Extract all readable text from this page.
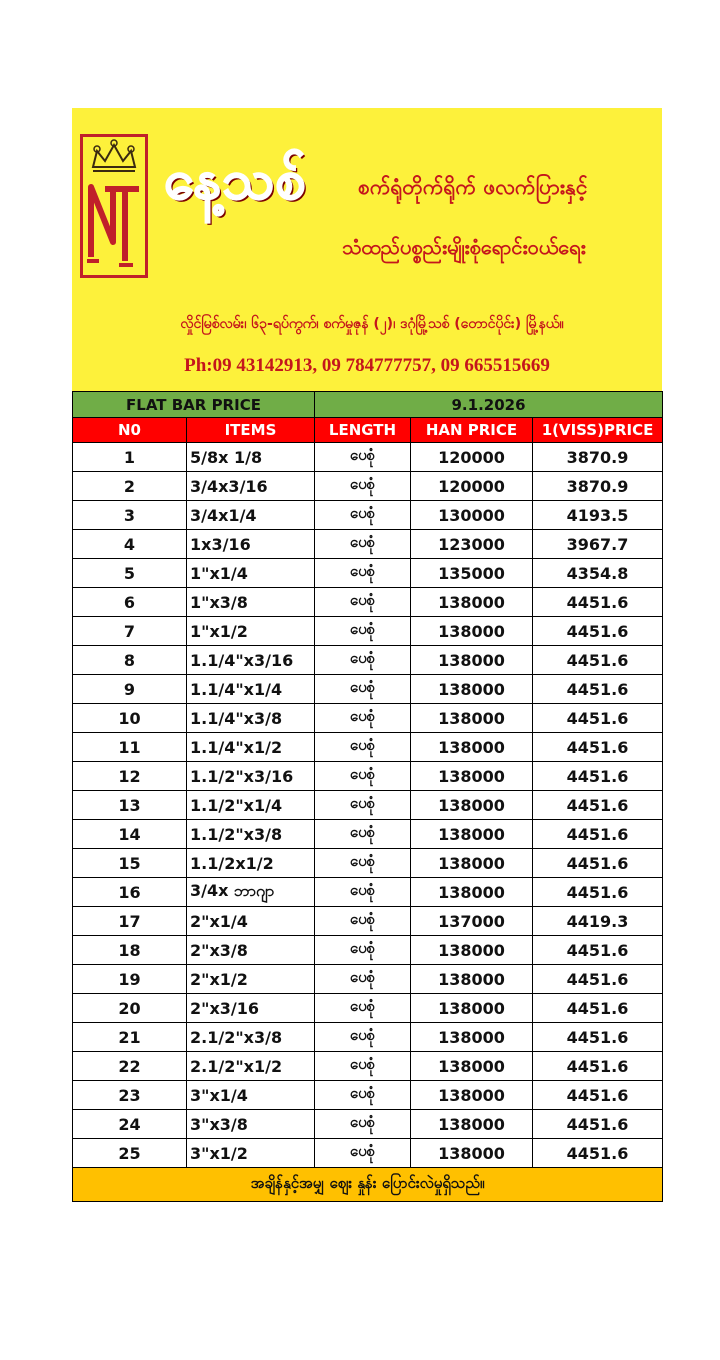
နေ့သစ် စက်ရုံတိုက်ရိုက် ဖလက်ပြားနှင့်
သံထည်ပစ္စည်းမျိုးစုံရောင်းဝယ်ရေး
လှိုင်မြစ်လမ်း၊ ၆၃-ရပ်ကွက်၊ စက်မှုဇုန် (၂)၊ ဒဂုံမြို့သစ် (တောင်ပိုင်း) မြို့နယ်။
Ph:09 43142913, 09 784777757, 09 665515669
FLAT BAR PRICE		9.1.2026		
N0	ITEMS	LENGTH	HAN PRICE	1(VISS)PRICE
1	5/8x 1/8	ပေစုံ	120000	3870.9
2	3/4x3/16	ပေစုံ	120000	3870.9
3	3/4x1/4	ပေစုံ	130000	4193.5
4	1x3/16	ပေစုံ	123000	3967.7
5	1"x1/4	ပေစုံ	135000	4354.8
6	1"x3/8	ပေစုံ	138000	4451.6
7	1"x1/2	ပေစုံ	138000	4451.6
8	1.1/4"x3/16	ပေစုံ	138000	4451.6
9	1.1/4"x1/4	ပေစုံ	138000	4451.6
10	1.1/4"x3/8	ပေစုံ	138000	4451.6
11	1.1/4"x1/2	ပေစုံ	138000	4451.6
12	1.1/2"x3/16	ပေစုံ	138000	4451.6
13	1.1/2"x1/4	ပေစုံ	138000	4451.6
14	1.1/2"x3/8	ပေစုံ	138000	4451.6
15	1.1/2x1/2	ပေစုံ	138000	4451.6
16	3/4x ဘာဂျာ	ပေစုံ	138000	4451.6
17	2"x1/4	ပေစုံ	137000	4419.3
18	2"x3/8	ပေစုံ	138000	4451.6
19	2"x1/2	ပေစုံ	138000	4451.6
20	2"x3/16	ပေစုံ	138000	4451.6
21	2.1/2"x3/8	ပေစုံ	138000	4451.6
22	2.1/2"x1/2	ပေစုံ	138000	4451.6
23	3"x1/4	ပေစုံ	138000	4451.6
24	3"x3/8	ပေစုံ	138000	4451.6
25	3"x1/2	ပေစုံ	138000	4451.6
အချိန်နှင့်အမျှ ဈေး နှုန်း ပြောင်းလဲမှုရှိသည်။				
